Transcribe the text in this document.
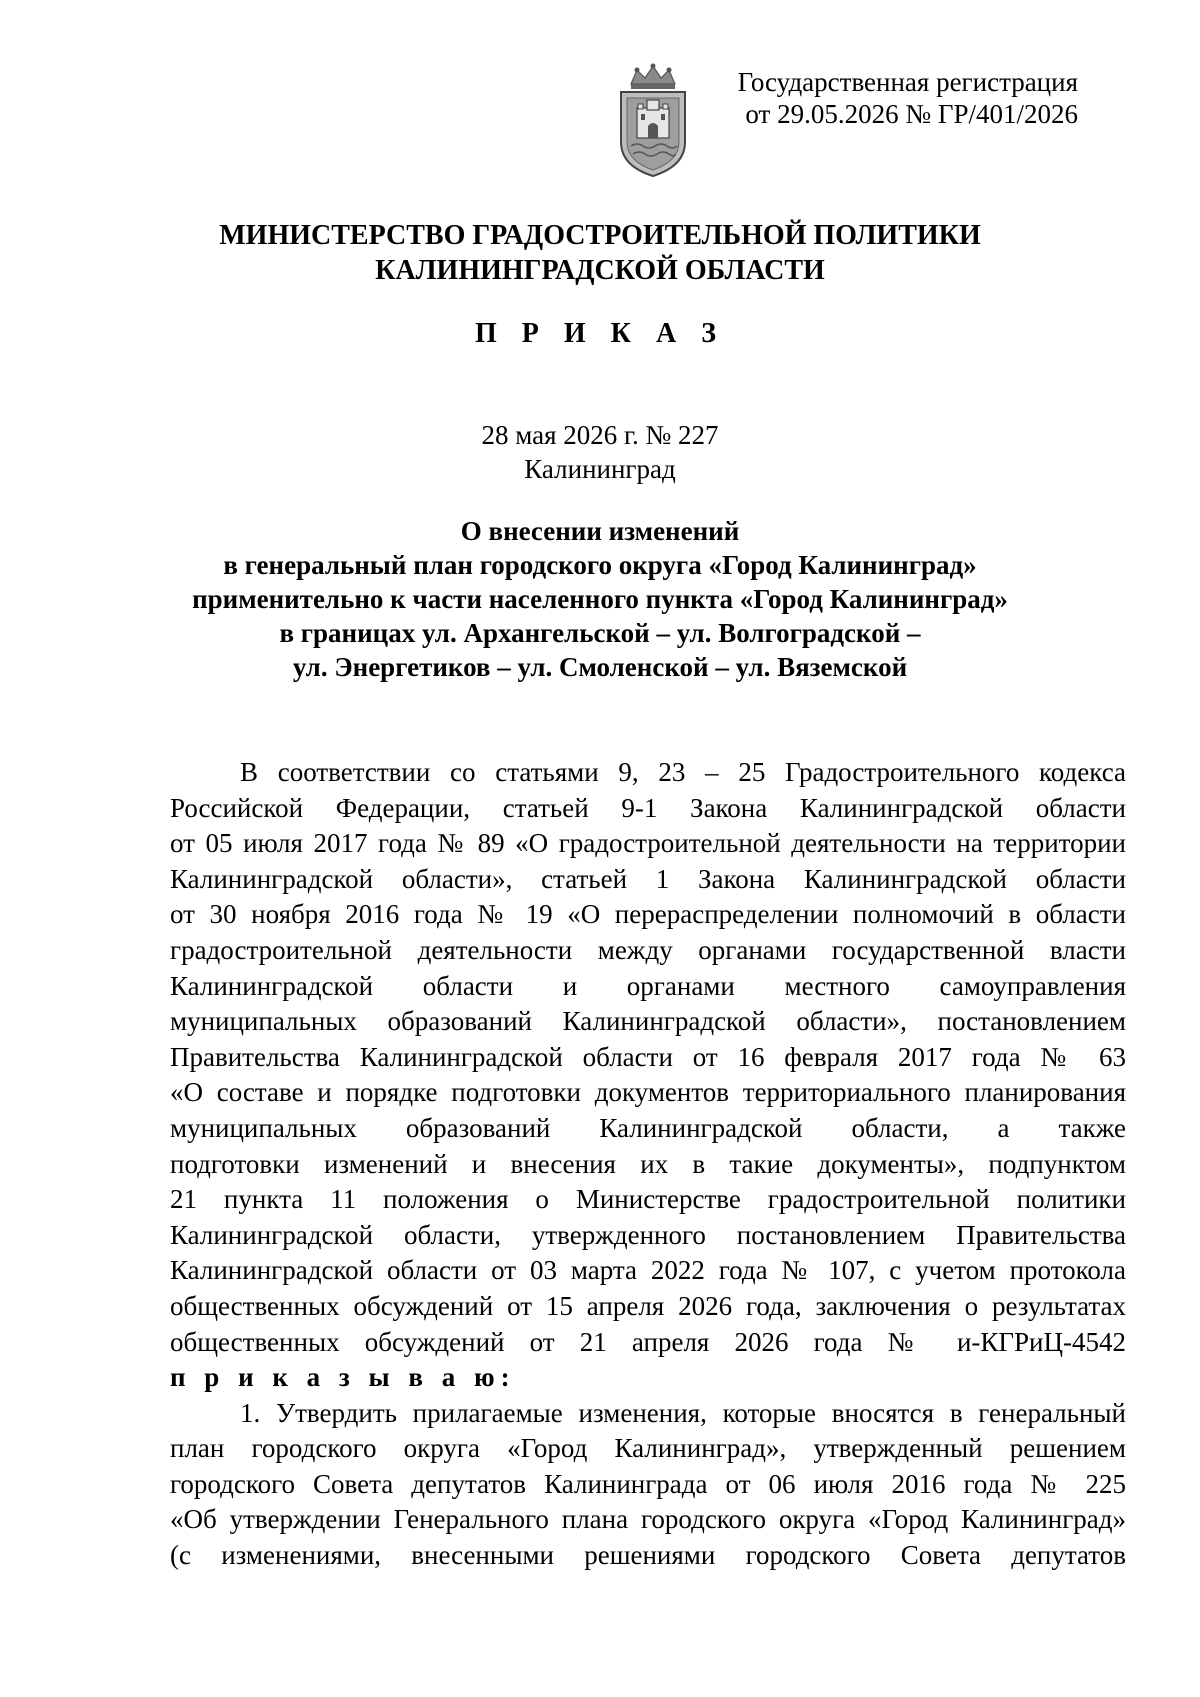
Государственная регистрация
от 29.05.2026 № ГР/401/2026
МИНИСТЕРСТВО ГРАДОСТРОИТЕЛЬНОЙ ПОЛИТИКИ
КАЛИНИНГРАДСКОЙ ОБЛАСТИ
П Р И К А З
28 мая 2026 г. № 227
Калининград
О внесении изменений
в генеральный план городского округа «Город Калининград»
применительно к части населенного пункта «Город Калининград»
в границах ул. Архангельской – ул. Волгоградской –
ул. Энергетиков – ул. Смоленской – ул. Вяземской
В соответствии со статьями 9, 23 – 25 Градостроительного кодекса
Российской Федерации, статьей 9-1 Закона Калининградской области
от 05 июля 2017 года № 89 «О градостроительной деятельности на территории
Калининградской области», статьей 1 Закона Калининградской области
от 30 ноября 2016 года № 19 «О перераспределении полномочий в области
градостроительной деятельности между органами государственной власти
Калининградской области и органами местного самоуправления
муниципальных образований Калининградской области», постановлением
Правительства Калининградской области от 16 февраля 2017 года № 63
«О составе и порядке подготовки документов территориального планирования
муниципальных образований Калининградской области, а также
подготовки изменений и внесения их в такие документы», подпунктом
21 пункта 11 положения о Министерстве градостроительной политики
Калининградской области, утвержденного постановлением Правительства
Калининградской области от 03 марта 2022 года № 107, с учетом протокола
общественных обсуждений от 15 апреля 2026 года, заключения о результатах
общественных обсуждений от 21 апреля 2026 года № и-КГРиЦ-4542
п р и к а з ы в а ю:
1. Утвердить прилагаемые изменения, которые вносятся в генеральный
план городского округа «Город Калининград», утвержденный решением
городского Совета депутатов Калининграда от 06 июля 2016 года № 225
«Об утверждении Генерального плана городского округа «Город Калининград»
(с изменениями, внесенными решениями городского Совета депутатов
